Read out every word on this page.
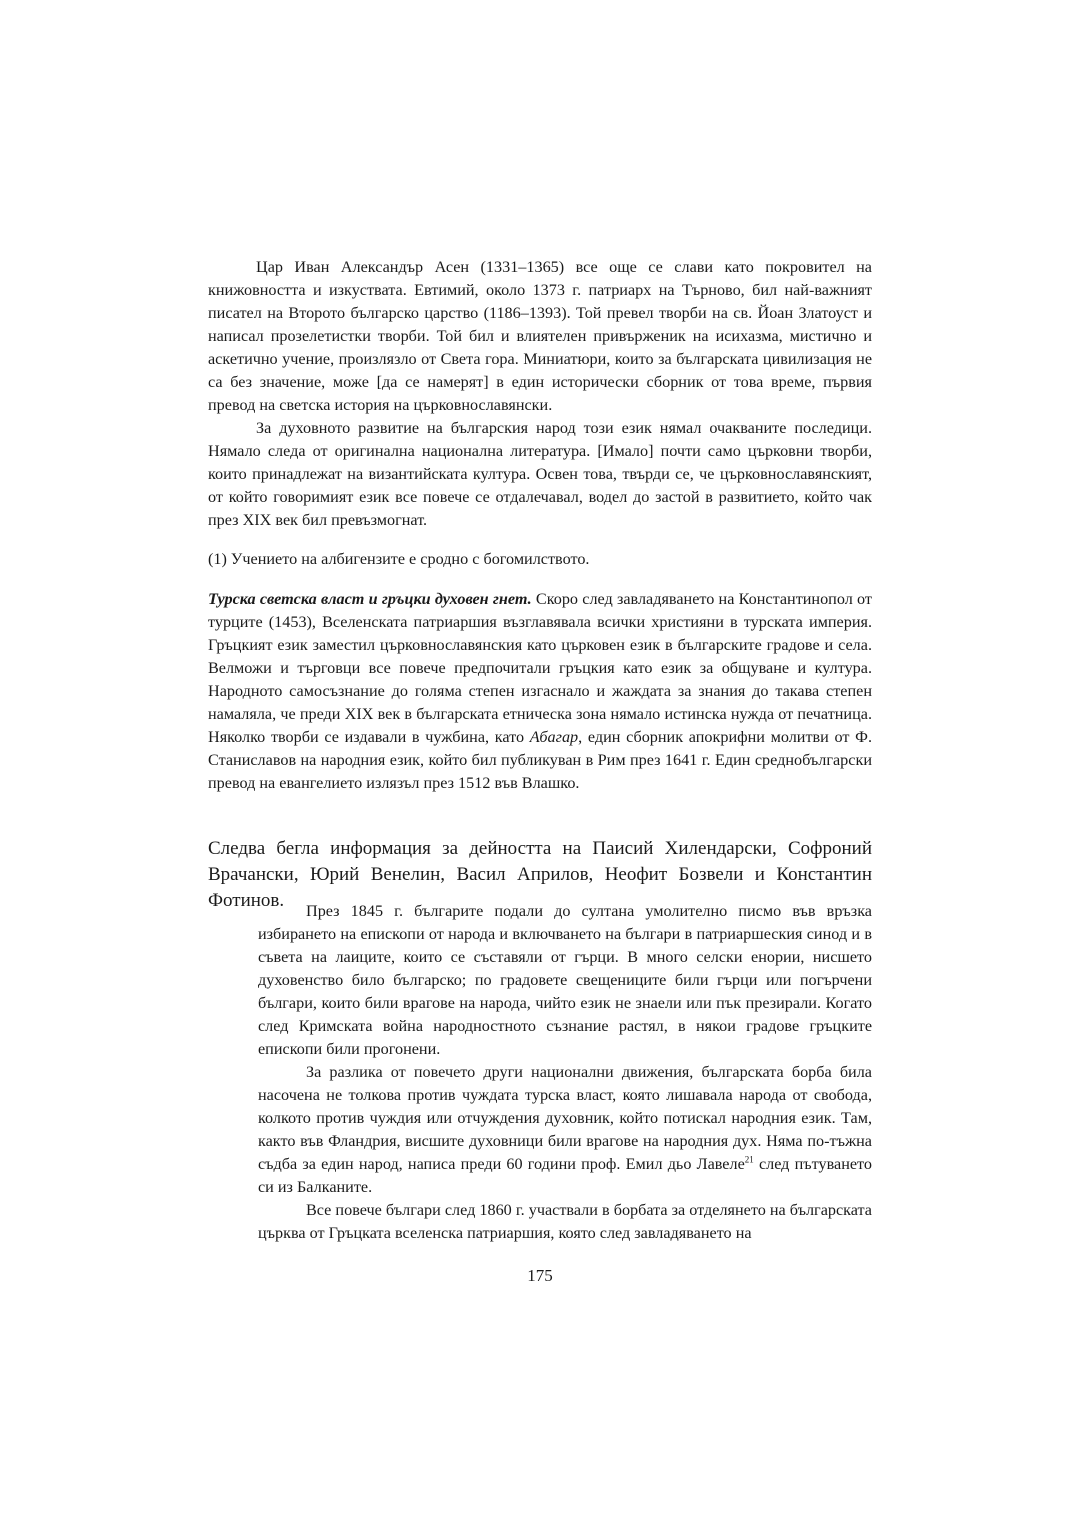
Цар Иван Александър Асен (1331–1365) все още се слави като покровител на книжовността и изкуствата. Евтимий, около 1373 г. патриарх на Търново, бил най-важният писател на Второто българско царство (1186–1393). Той превел творби на св. Йоан Златоуст и написал прозелетистки творби. Той бил и влиятелен привърженик на исихазма, мистично и аскетично учение, произлязло от Света гора. Миниатюри, които за българската цивилизация не са без значение, може [да се намерят] в един исторически сборник от това време, първия превод на светска история на църковнославянски.

За духовното развитие на българския народ този език нямал очакваните последици. Нямало следа от оригинална национална литература. [Имало] почти само църковни творби, които принадлежат на византийската култура. Освен това, твърди се, че църковнославянският, от който говоримият език все повече се отдалечавал, водел до застой в развитието, който чак през XIX век бил превъзмогнат.

(1) Учението на албигензите е сродно с богомилството.

Турска светска власт и гръцки духовен гнет. Скоро след завладяването на Константинопол от турците (1453), Вселенската патриаршия възглавявала всички християни в турската империя. Гръцкият език заместил църковнославянския като църковен език в българските градове и села. Велможи и търговци все повече предпочитали гръцкия като език за общуване и култура. Народното самосъзнание до голяма степен изгаснало и жаждата за знания до такава степен намаляла, че преди XIX век в българската етническа зона нямало истинска нужда от печатница. Няколко творби се издавали в чужбина, като Абагар, един сборник апокрифни молитви от Ф. Станиславов на народния език, който бил публикуван в Рим през 1641 г. Един среднобългарски превод на евангелието излязъл през 1512 във Влашко.

Следва бегла информация за дейността на Паисий Хилендарски, Софроний Врачански, Юрий Венелин, Васил Априлов, Неофит Бозвели и Константин Фотинов.	През 1845 г. българите подали до султана умолително писмо във връзка избирането на епископи от народа и включването на българи в патриаршеския синод и в съвета на лаиците, които се съставяли от гърци. В много селски енории, нисшето духовенство било българско; по градовете свещениците били гърци или погърчени българи, които били врагове на народа, чийто език не знаели или пък презирали. Когато след Кримската война народностното съзнание растял, в някои градове гръцките епископи били прогонени.

За разлика от повечето други национални движения, българската борба била насочена не толкова против чуждата турска власт, която лишавала народа от свобода, колкото против чуждия или отчуждения духовник, който потискал народния език. Там, както във Фландрия, висшите духовници били врагове на народния дух. Няма по-тъжна съдба за един народ, написа преди 60 години проф. Емил дьо Лавеле$^{21}$ след пътуването си из Балканите.

Все повече българи след 1860 г. участвали в борбата за отделянето на българската църква от Гръцката вселенска патриаршия, която след завладяването на

175
